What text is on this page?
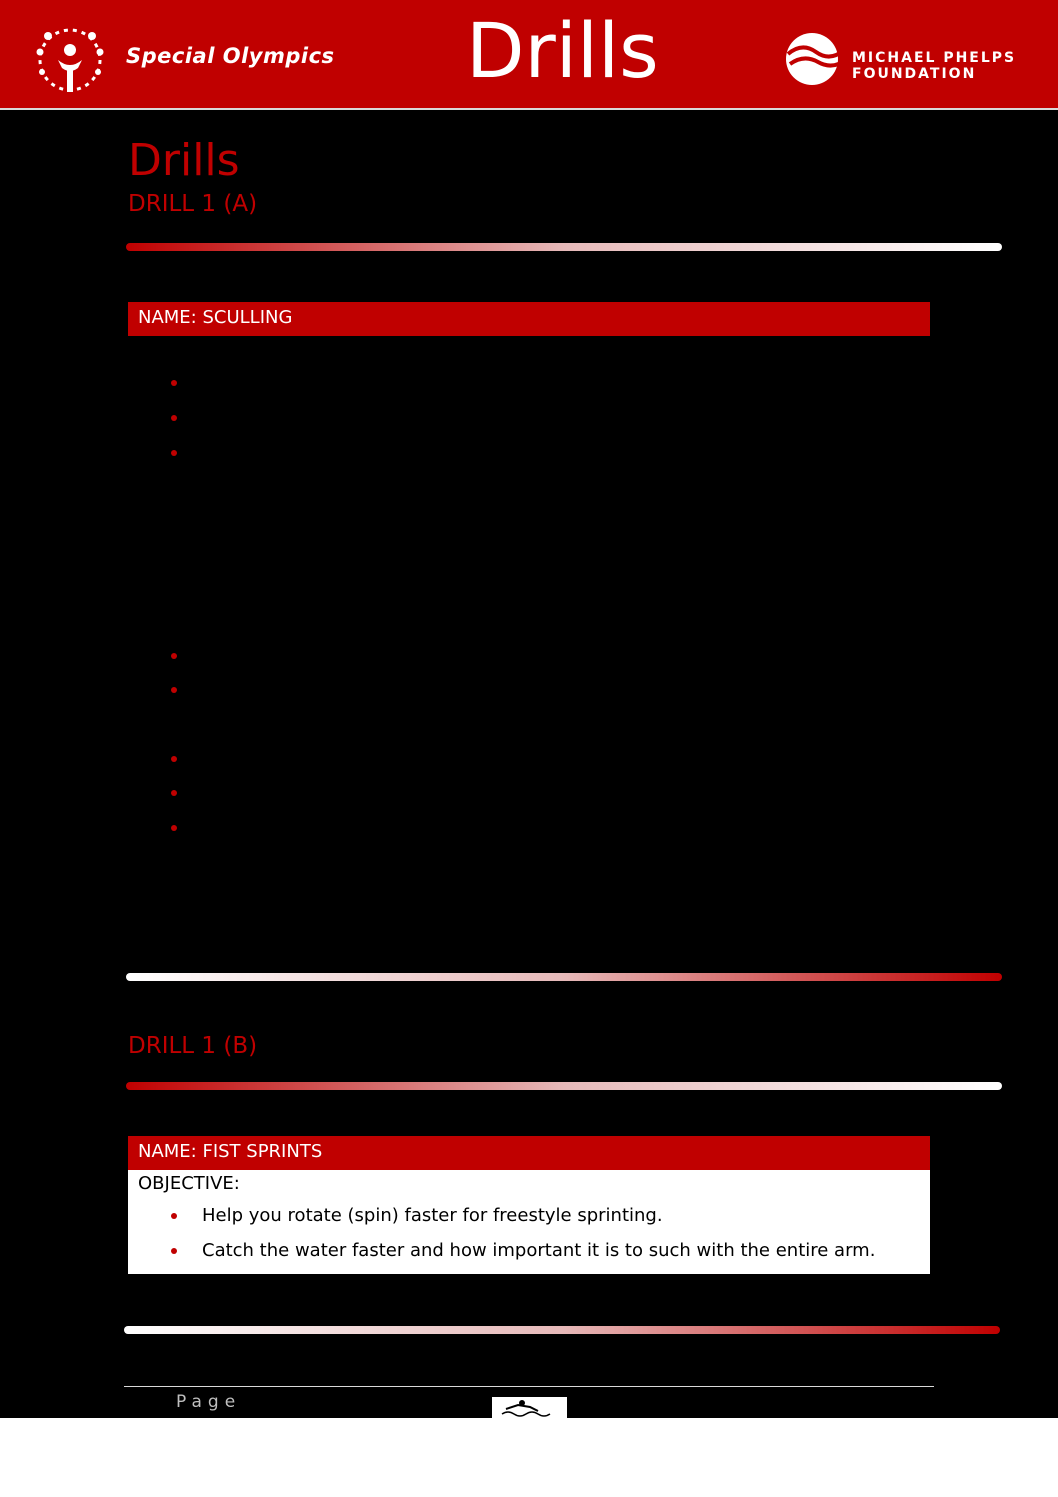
Special Olympics Drills	MICHAEL PHELPS
FOUNDATION
Drills
DRILL 1 (A)
NAME: SCULLING
DRILL 1 (B)
NAME: FIST SPRINTS
OBJECTIVE:
Help you rotate (spin) faster for freestyle sprinting.
Catch the water faster and how important it is to such with the entire arm.
Page
